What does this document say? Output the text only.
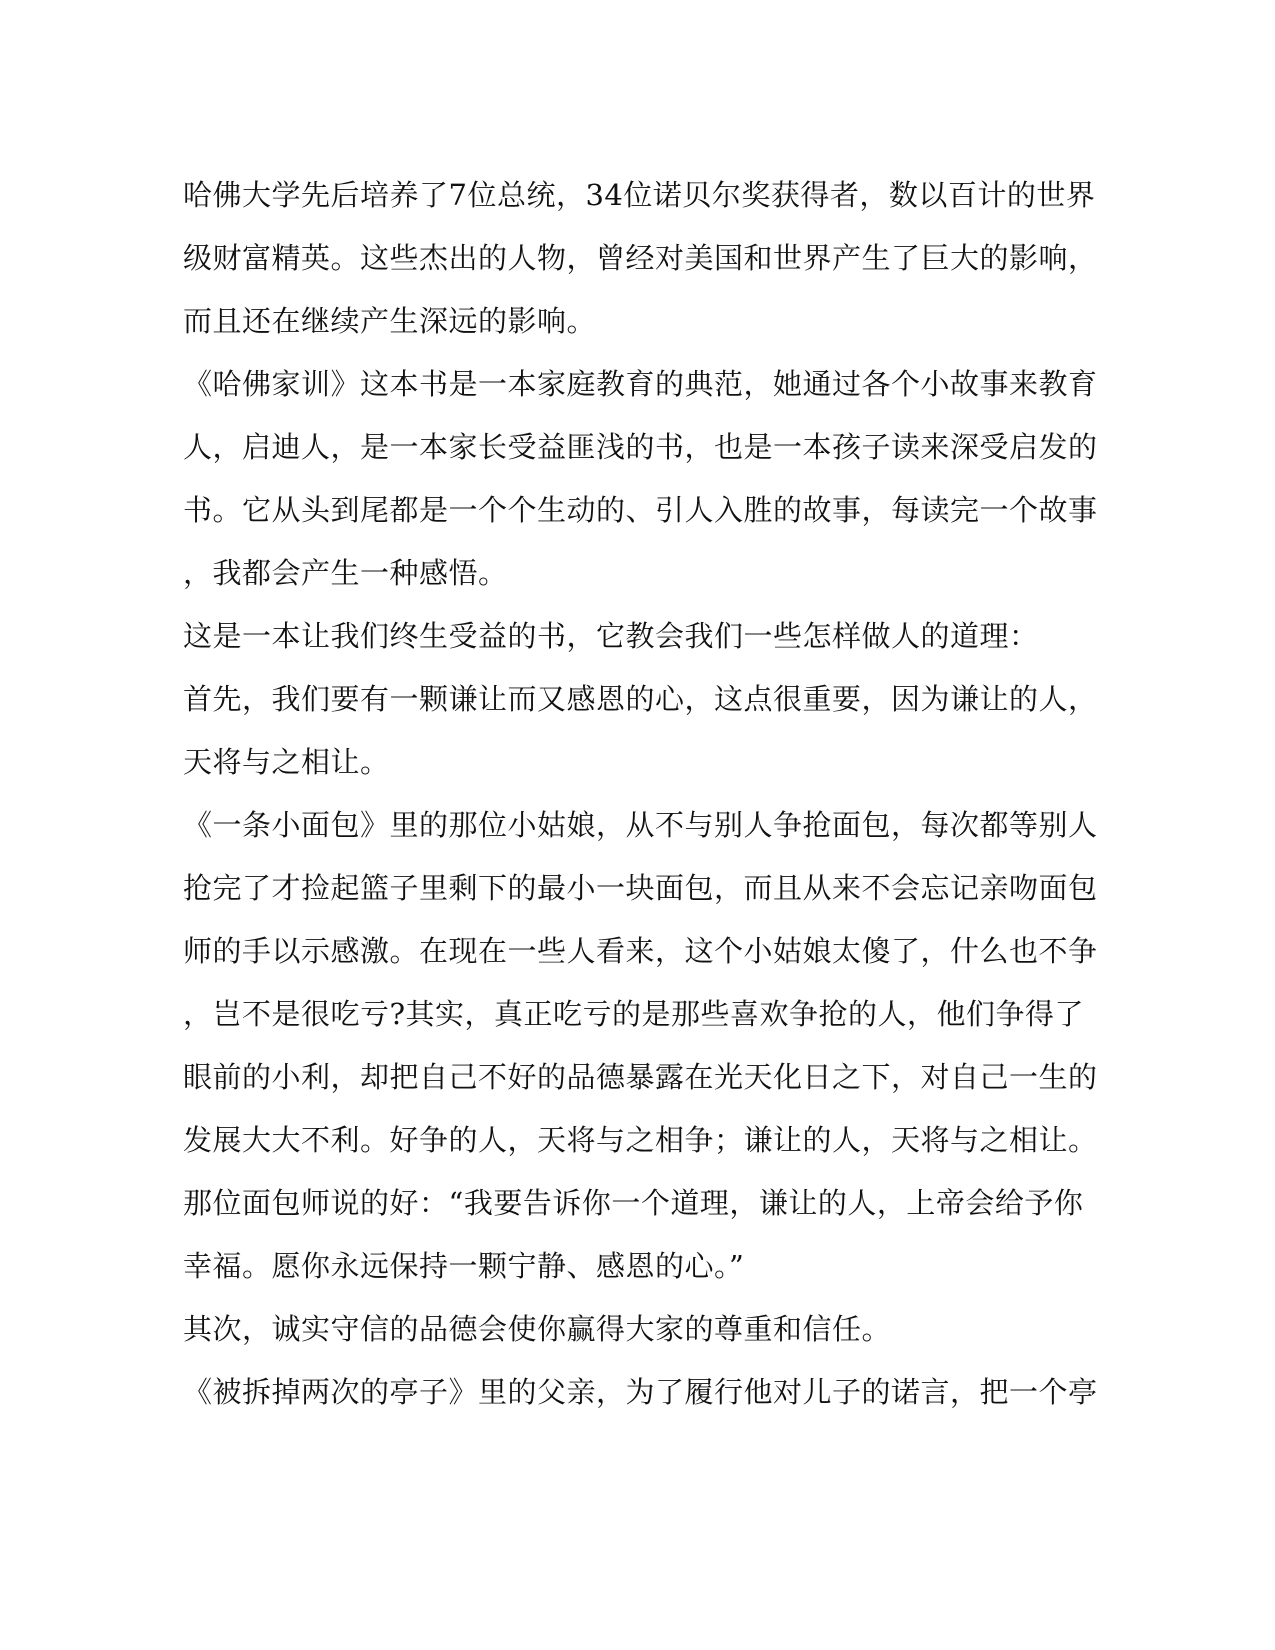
哈佛大学先后培养了7位总统，34位诺贝尔奖获得者，数以百计的世界
级财富精英。这些杰出的人物，曾经对美国和世界产生了巨大的影响，
而且还在继续产生深远的影响。
《哈佛家训》这本书是一本家庭教育的典范，她通过各个小故事来教育
人，启迪人，是一本家长受益匪浅的书，也是一本孩子读来深受启发的
书。它从头到尾都是一个个生动的、引人入胜的故事，每读完一个故事
，我都会产生一种感悟。
这是一本让我们终生受益的书，它教会我们一些怎样做人的道理：
首先，我们要有一颗谦让而又感恩的心，这点很重要，因为谦让的人，
天将与之相让。
《一条小面包》里的那位小姑娘，从不与别人争抢面包，每次都等别人
抢完了才捡起篮子里剩下的最小一块面包，而且从来不会忘记亲吻面包
师的手以示感激。在现在一些人看来，这个小姑娘太傻了，什么也不争
，岂不是很吃亏?其实，真正吃亏的是那些喜欢争抢的人，他们争得了
眼前的小利，却把自己不好的品德暴露在光天化日之下，对自己一生的
发展大大不利。好争的人，天将与之相争；谦让的人，天将与之相让。
那位面包师说的好：“我要告诉你一个道理，谦让的人，上帝会给予你
幸福。愿你永远保持一颗宁静、感恩的心。”
其次，诚实守信的品德会使你赢得大家的尊重和信任。
《被拆掉两次的亭子》里的父亲，为了履行他对儿子的诺言，把一个亭
